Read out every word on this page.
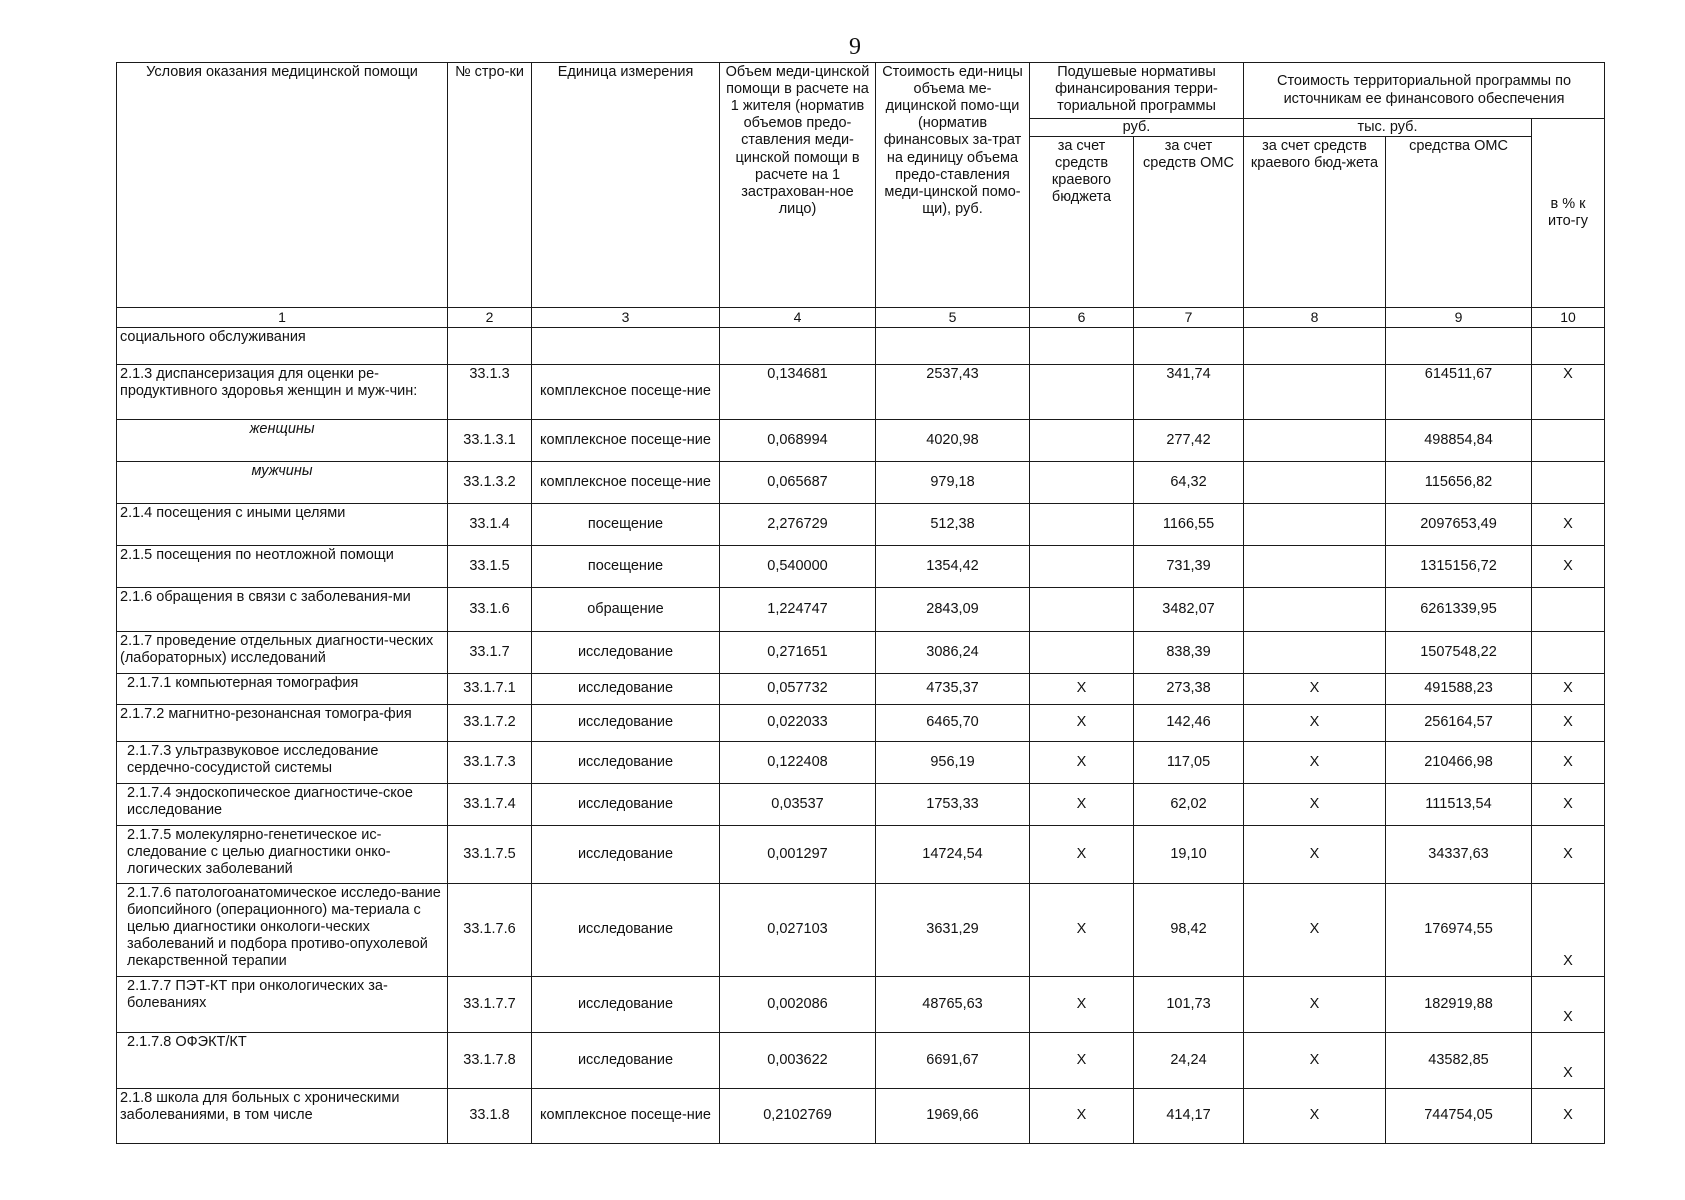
9
Условия оказания медицинской помощи	№ стро-ки	Единица измерения	Объем меди-цинской помощи в расчете на 1 жителя (норматив объемов предо-ставления меди-цинской помощи в расчете на 1 застрахован-ное лицо)	Стоимость еди-ницы объема ме-дицинской помо-щи (норматив финансовых за-трат на единицу объема предо-ставления меди-цинской помо-щи), руб.	Подушевые нормативы финансирования терри-ториальной программы		Стоимость территориальной программы по источникам ее финансового обеспечения		
					руб.		тыс. руб.		в % к ито-гу
					за счет средств краевого бюджета	за счет средств ОМС	за счет средств краевого бюд-жета	средства ОМС	
1	2	3	4	5	6	7	8	9	10
социального обслуживания									
2.1.3 диспансеризация для оценки ре-продуктивного здоровья женщин и муж-чин:	33.1.3	комплексное посеще-ние	0,134681	2537,43		341,74		614511,67	X
женщины	33.1.3.1	комплексное посеще-ние	0,068994	4020,98		277,42		498854,84	
мужчины	33.1.3.2	комплексное посеще-ние	0,065687	979,18		64,32		115656,82	
2.1.4 посещения с иными целями	33.1.4	посещение	2,276729	512,38		1166,55		2097653,49	X
2.1.5 посещения по неотложной помощи	33.1.5	посещение	0,540000	1354,42		731,39		1315156,72	X
2.1.6 обращения в связи с заболевания-ми	33.1.6	обращение	1,224747	2843,09		3482,07		6261339,95	
2.1.7 проведение отдельных диагности-ческих (лабораторных) исследований	33.1.7	исследование	0,271651	3086,24		838,39		1507548,22	
2.1.7.1 компьютерная томография	33.1.7.1	исследование	0,057732	4735,37	X	273,38	X	491588,23	X
2.1.7.2 магнитно-резонансная томогра-фия	33.1.7.2	исследование	0,022033	6465,70	X	142,46	X	256164,57	X
2.1.7.3 ультразвуковое исследование сердечно-сосудистой системы	33.1.7.3	исследование	0,122408	956,19	X	117,05	X	210466,98	X
2.1.7.4 эндоскопическое диагностиче-ское исследование	33.1.7.4	исследование	0,03537	1753,33	X	62,02	X	111513,54	X
2.1.7.5 молекулярно-генетическое ис-следование с целью диагностики онко-логических заболеваний	33.1.7.5	исследование	0,001297	14724,54	X	19,10	X	34337,63	X
2.1.7.6 патологоанатомическое исследо-вание биопсийного (операционного) ма-териала с целью диагностики онкологи-ческих заболеваний и подбора противо-опухолевой лекарственной терапии	33.1.7.6	исследование	0,027103	3631,29	X	98,42	X	176974,55	X
2.1.7.7 ПЭТ-КТ при онкологических за-болеваниях	33.1.7.7	исследование	0,002086	48765,63	X	101,73	X	182919,88	X
2.1.7.8 ОФЭКТ/КТ	33.1.7.8	исследование	0,003622	6691,67	X	24,24	X	43582,85	X
2.1.8 школа для больных с хроническими заболеваниями, в том числе	33.1.8	комплексное посеще-ние	0,2102769	1969,66	X	414,17	X	744754,05	X
